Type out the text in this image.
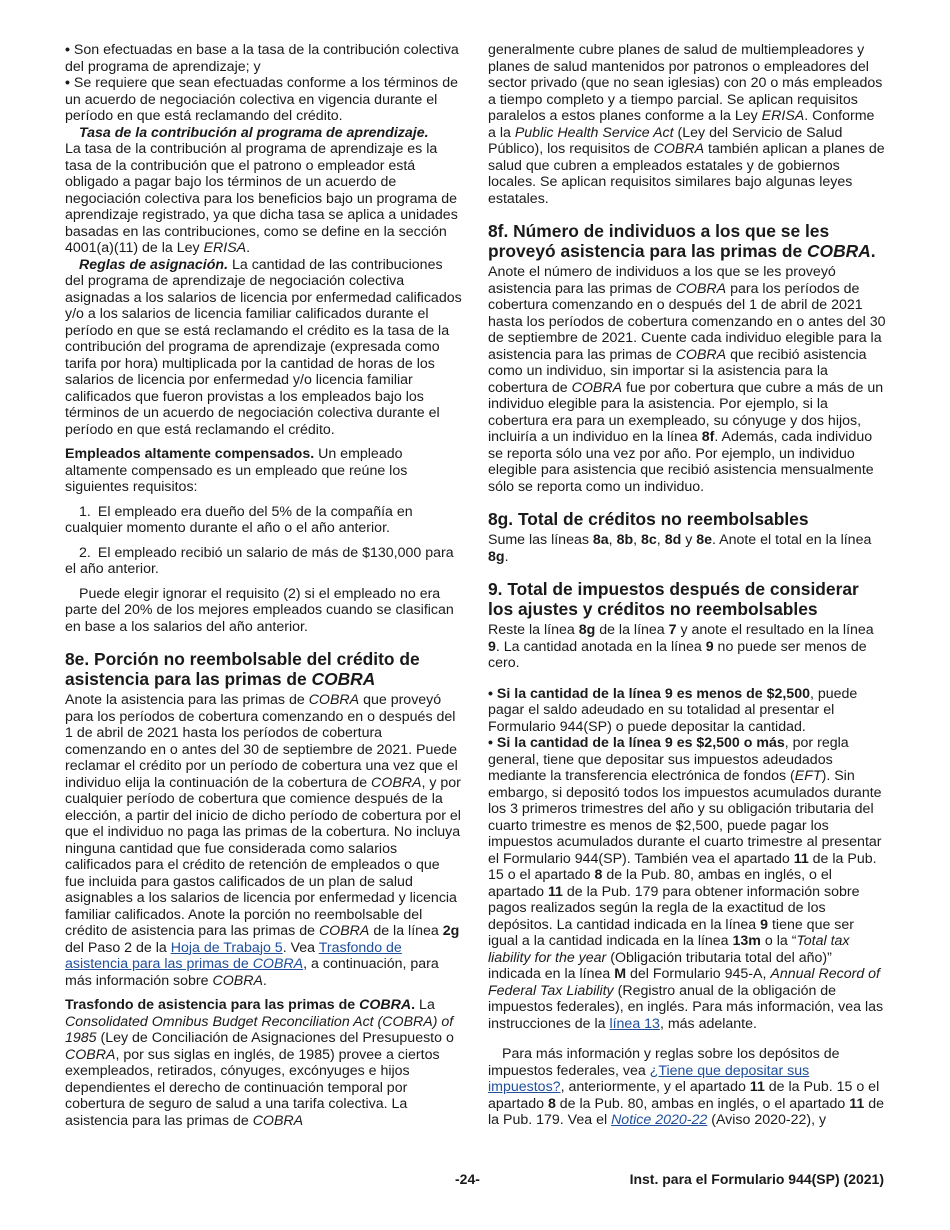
• Son efectuadas en base a la tasa de la contribución colectiva del programa de aprendizaje; y

• Se requiere que sean efectuadas conforme a los términos de un acuerdo de negociación colectiva en vigencia durante el período en que está reclamando del crédito.

Tasa de la contribución al programa de aprendizaje.
La tasa de la contribución al programa de aprendizaje es la tasa de la contribución que el patrono o empleador está obligado a pagar bajo los términos de un acuerdo de negociación colectiva para los beneficios bajo un programa de aprendizaje registrado, ya que dicha tasa se aplica a unidades basadas en las contribuciones, como se define en la sección 4001(a)(11) de la Ley ERISA.

Reglas de asignación. La cantidad de las contribuciones del programa de aprendizaje de negociación colectiva asignadas a los salarios de licencia por enfermedad calificados y/o a los salarios de licencia familiar calificados durante el período en que se está reclamando el crédito es la tasa de la contribución del programa de aprendizaje (expresada como tarifa por hora) multiplicada por la cantidad de horas de los salarios de licencia por enfermedad y/o licencia familiar calificados que fueron provistas a los empleados bajo los términos de un acuerdo de negociación colectiva durante el período en que está reclamando el crédito.

Empleados altamente compensados. Un empleado altamente compensado es un empleado que reúne los siguientes requisitos:

1. El empleado era dueño del 5% de la compañía en cualquier momento durante el año o el año anterior.

2. El empleado recibió un salario de más de $130,000 para el año anterior.

Puede elegir ignorar el requisito (2) si el empleado no era parte del 20% de los mejores empleados cuando se clasifican en base a los salarios del año anterior.

8e. Porción no reembolsable del crédito de asistencia para las primas de COBRA

Anote la asistencia para las primas de COBRA que proveyó para los períodos de cobertura comenzando en o después del 1 de abril de 2021 hasta los períodos de cobertura comenzando en o antes del 30 de septiembre de 2021. Puede reclamar el crédito por un período de cobertura una vez que el individuo elija la continuación de la cobertura de COBRA, y por cualquier período de cobertura que comience después de la elección, a partir del inicio de dicho período de cobertura por el que el individuo no paga las primas de la cobertura. No incluya ninguna cantidad que fue considerada como salarios calificados para el crédito de retención de empleados o que fue incluida para gastos calificados de un plan de salud asignables a los salarios de licencia por enfermedad y licencia familiar calificados. Anote la porción no reembolsable del crédito de asistencia para las primas de COBRA de la línea 2g del Paso 2 de la Hoja de Trabajo 5. Vea Trasfondo de asistencia para las primas de COBRA, a continuación, para más información sobre COBRA.

Trasfondo de asistencia para las primas de COBRA. La Consolidated Omnibus Budget Reconciliation Act (COBRA) of 1985 (Ley de Conciliación de Asignaciones del Presupuesto o COBRA, por sus siglas en inglés, de 1985) provee a ciertos exempleados, retirados, cónyuges, excónyuges e hijos dependientes el derecho de continuación temporal por cobertura de seguro de salud a una tarifa colectiva. La asistencia para las primas de COBRA

generalmente cubre planes de salud de multiempleadores y planes de salud mantenidos por patronos o empleadores del sector privado (que no sean iglesias) con 20 o más empleados a tiempo completo y a tiempo parcial. Se aplican requisitos paralelos a estos planes conforme a la Ley ERISA. Conforme a la Public Health Service Act (Ley del Servicio de Salud Público), los requisitos de COBRA también aplican a planes de salud que cubren a empleados estatales y de gobiernos locales. Se aplican requisitos similares bajo algunas leyes estatales.

8f. Número de individuos a los que se les proveyó asistencia para las primas de COBRA.

Anote el número de individuos a los que se les proveyó asistencia para las primas de COBRA para los períodos de cobertura comenzando en o después del 1 de abril de 2021 hasta los períodos de cobertura comenzando en o antes del 30 de septiembre de 2021. Cuente cada individuo elegible para la asistencia para las primas de COBRA que recibió asistencia como un individuo, sin importar si la asistencia para la cobertura de COBRA fue por cobertura que cubre a más de un individuo elegible para la asistencia. Por ejemplo, si la cobertura era para un exempleado, su cónyuge y dos hijos, incluiría a un individuo en la línea 8f. Además, cada individuo se reporta sólo una vez por año. Por ejemplo, un individuo elegible para asistencia que recibió asistencia mensualmente sólo se reporta como un individuo.

8g. Total de créditos no reembolsables

Sume las líneas 8a, 8b, 8c, 8d y 8e. Anote el total en la línea 8g.

9. Total de impuestos después de considerar los ajustes y créditos no reembolsables

Reste la línea 8g de la línea 7 y anote el resultado en la línea 9. La cantidad anotada en la línea 9 no puede ser menos de cero.

• Si la cantidad de la línea 9 es menos de $2,500, puede pagar el saldo adeudado en su totalidad al presentar el Formulario 944(SP) o puede depositar la cantidad.

• Si la cantidad de la línea 9 es $2,500 o más, por regla general, tiene que depositar sus impuestos adeudados mediante la transferencia electrónica de fondos (EFT). Sin embargo, si depositó todos los impuestos acumulados durante los 3 primeros trimestres del año y su obligación tributaria del cuarto trimestre es menos de $2,500, puede pagar los impuestos acumulados durante el cuarto trimestre al presentar el Formulario 944(SP). También vea el apartado 11 de la Pub. 15 o el apartado 8 de la Pub. 80, ambas en inglés, o el apartado 11 de la Pub. 179 para obtener información sobre pagos realizados según la regla de la exactitud de los depósitos. La cantidad indicada en la línea 9 tiene que ser igual a la cantidad indicada en la línea 13m o la “Total tax liability for the year (Obligación tributaria total del año)” indicada en la línea M del Formulario 945-A, Annual Record of Federal Tax Liability (Registro anual de la obligación de impuestos federales), en inglés. Para más información, vea las instrucciones de la línea 13, más adelante.

Para más información y reglas sobre los depósitos de impuestos federales, vea ¿Tiene que depositar sus impuestos?, anteriormente, y el apartado 11 de la Pub. 15 o el apartado 8 de la Pub. 80, ambas en inglés, o el apartado 11 de la Pub. 179. Vea el Notice 2020-22 (Aviso 2020-22), y

-24-	Inst. para el Formulario 944(SP) (2021)
